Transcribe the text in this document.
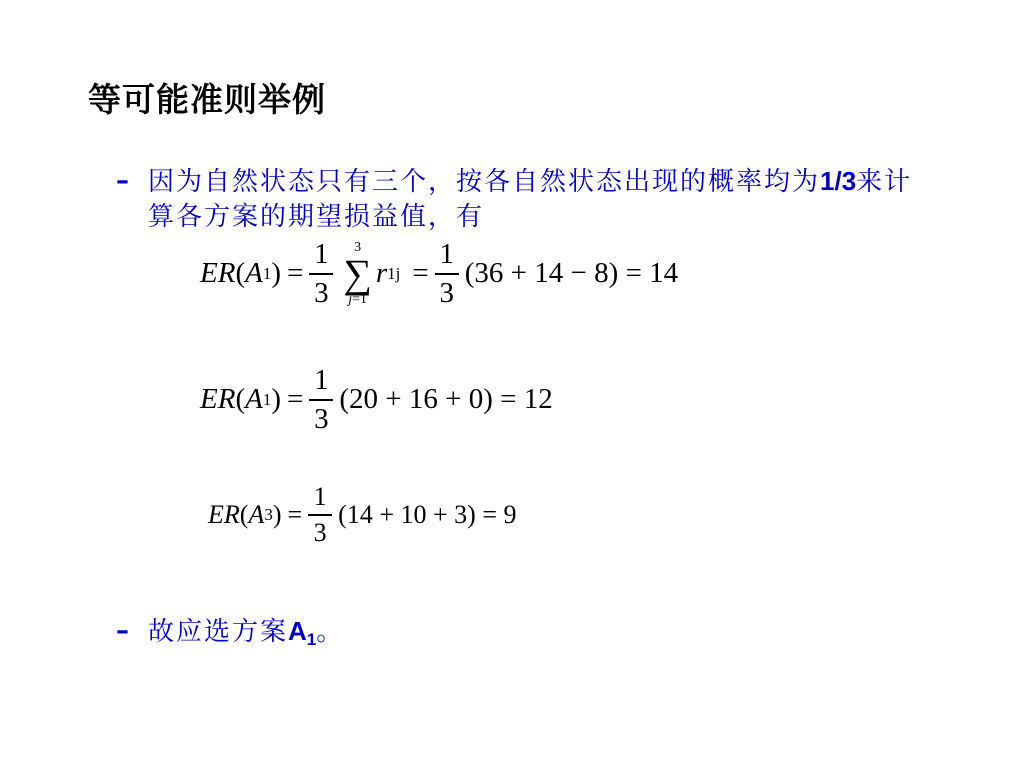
等可能准则举例
– 因为自然状态只有三个，按各自然状态出现的概率均为1/3来计算各方案的期望损益值，有
ER ( A 1 ) = $\frac{1}{3} 3$
∑
j=1
r $1j = \frac{1}{3} (36 + 14 - 8) = 14$
ER ( A 1 ) = $\frac{1}{3} (20 + 16 + 0) = 12$
ER ( A 3 ) = $\frac{1}{3} (14 + 10 + 3) = 9$
– 故应选方案$A_1$。
